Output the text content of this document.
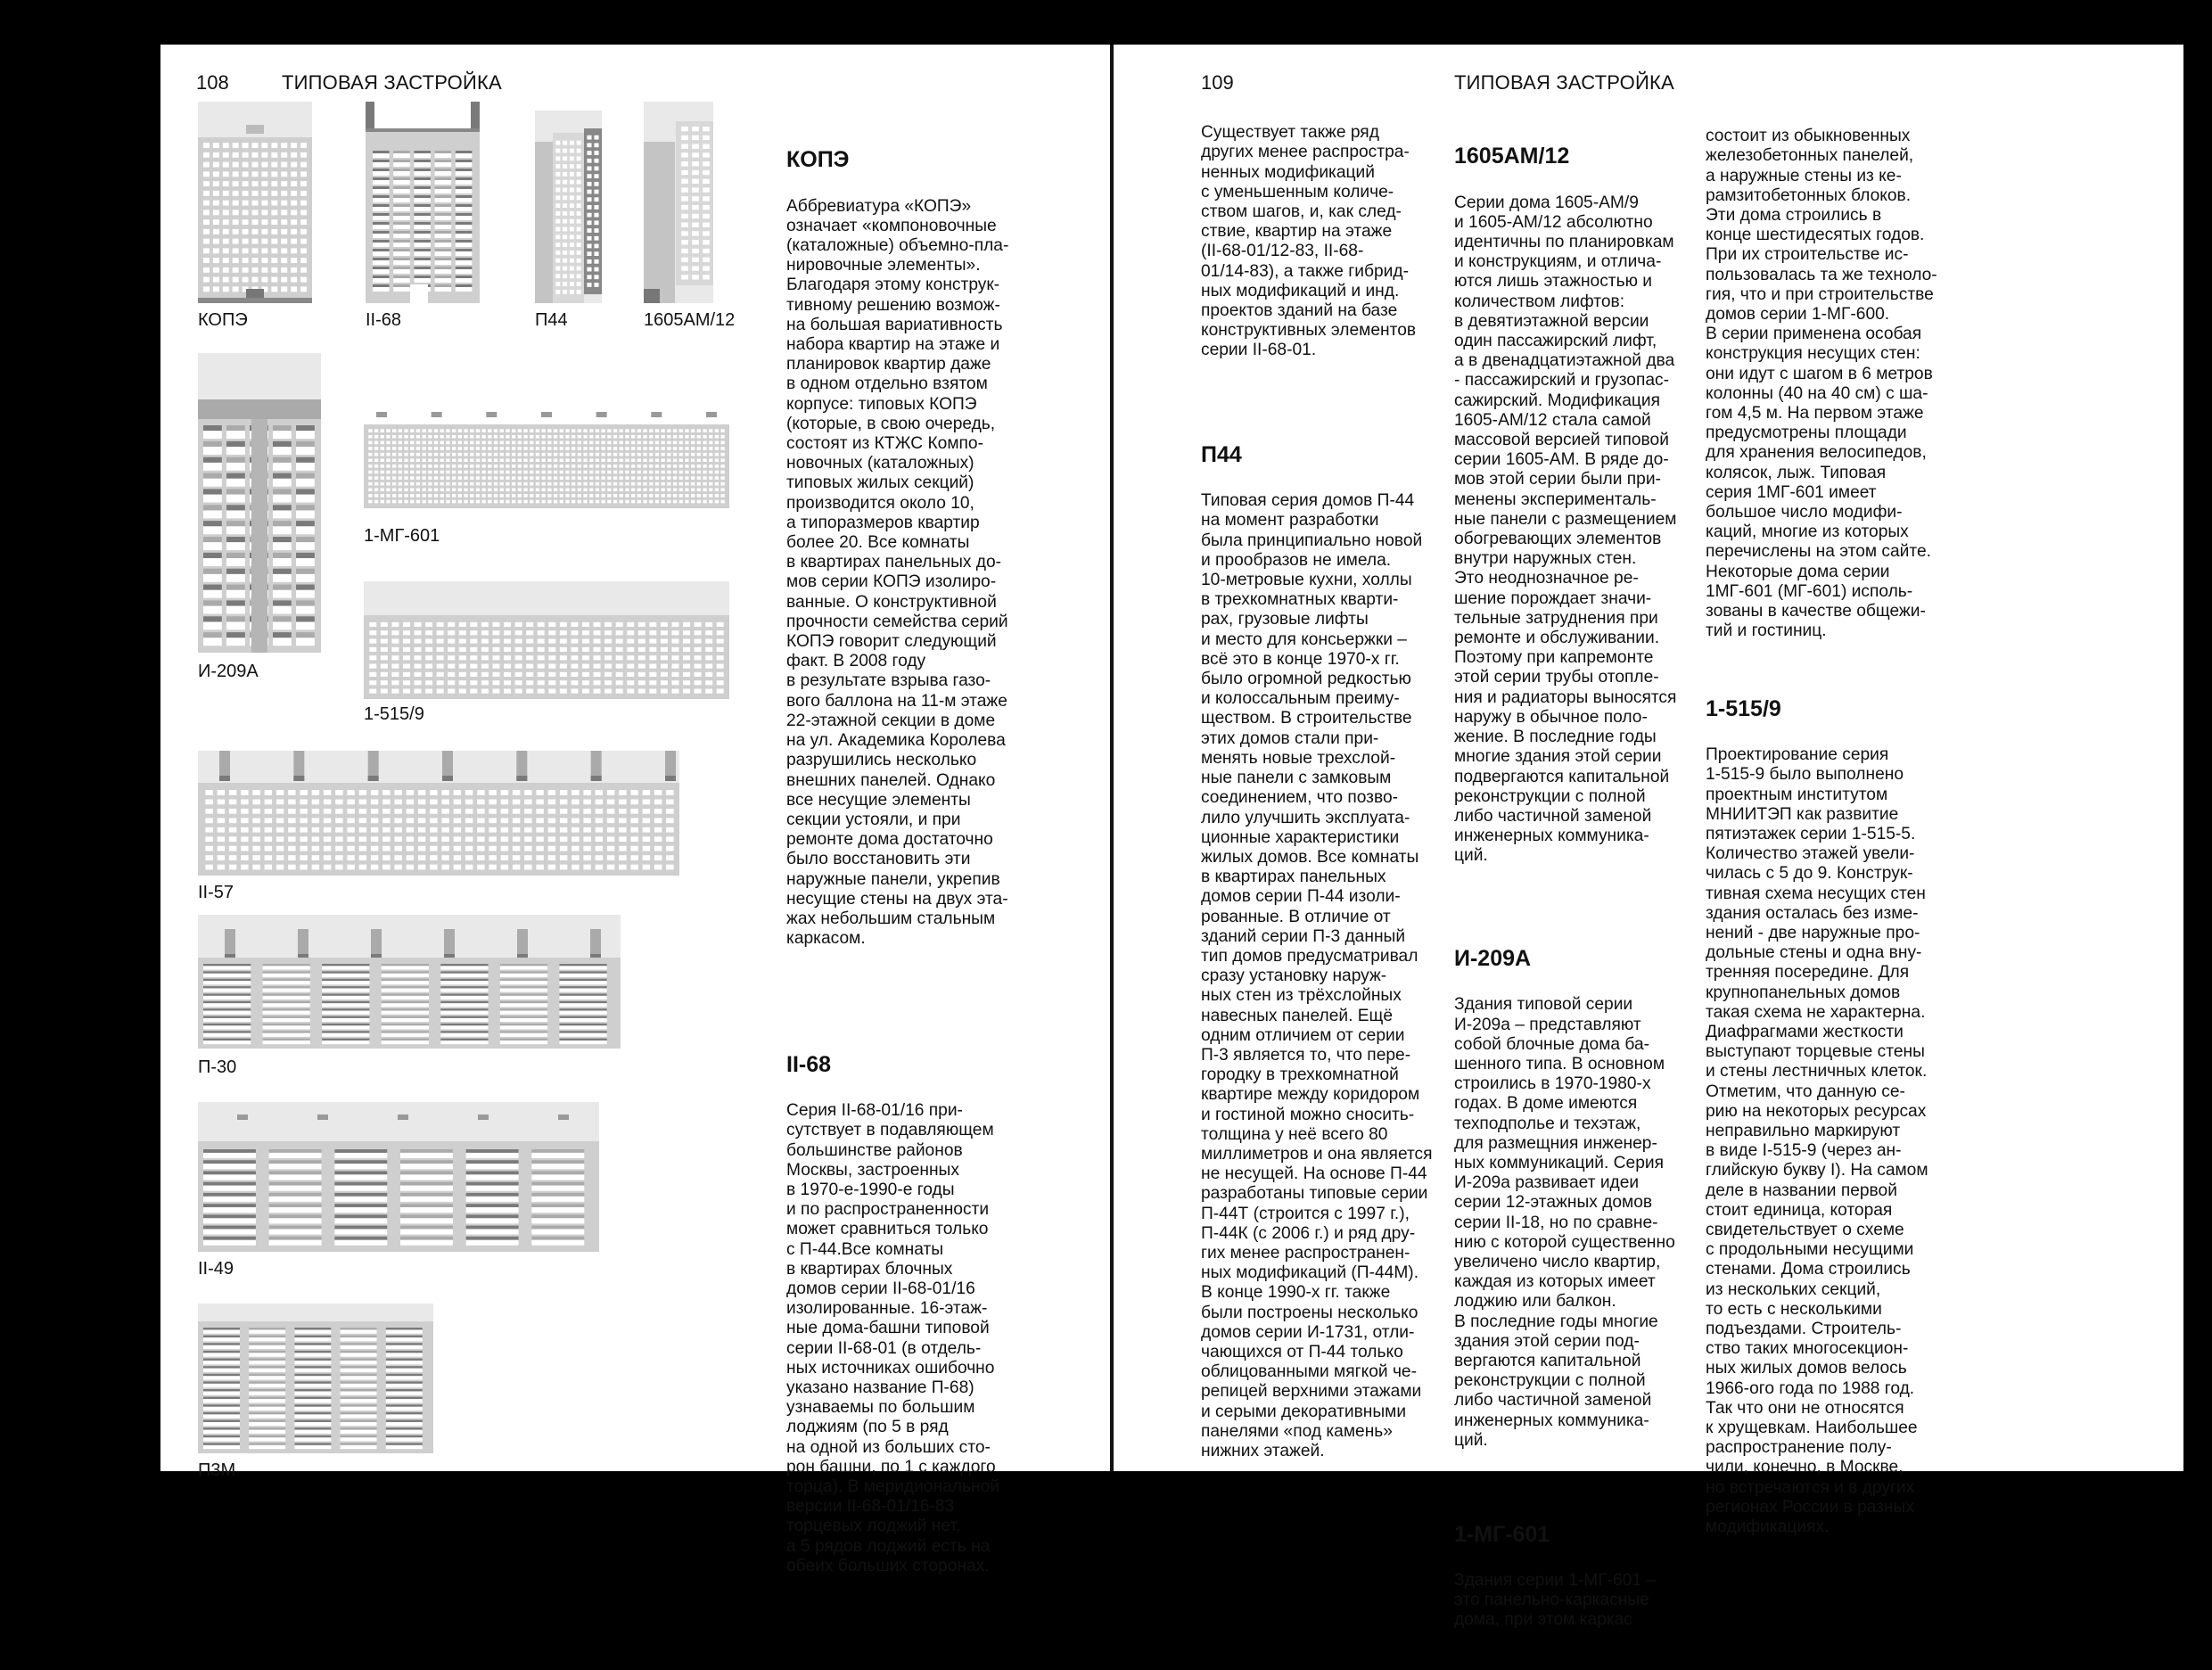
108	ТИПОВАЯ ЗАСТРОЙКА
КОПЭ	II-68	П44	1605АМ/12
И-209А
1-МГ-601
1-515/9
II-57
П-30
II-49
П3М

КОПЭ

Аббревиатура «КОПЭ»
означает «компоновочные
(каталожные) объемно-пла-
нировочные элементы».
Благодаря этому конструк-
тивному решению возмож-
на большая вариативность
набора квартир на этаже и
планировок квартир даже
в одном отдельно взятом
корпусе: типовых КОПЭ
(которые, в свою очередь,
состоят из КТЖС Компо-
новочных (каталожных)
типовых жилых секций)
производится около 10,
а типоразмеров квартир
более 20. Все комнаты
в квартирах панельных до-
мов серии КОПЭ изолиро-
ванные. О конструктивной
прочности семейства серий
КОПЭ говорит следующий
факт. В 2008 году
в результате взрыва газо-
вого баллона на 11-м этаже
22-этажной секции в доме
на ул. Академика Королева
разрушились несколько
внешних панелей. Однако
все несущие элементы
секции устояли, и при
ремонте дома достаточно
было восстановить эти
наружные панели, укрепив
несущие стены на двух эта-
жах небольшим стальным
каркасом.

II-68

Серия II-68-01/16 при-
сутствует в подавляющем
большинстве районов
Москвы, застроенных
в 1970-е-1990-е годы
и по распространенности
может сравниться только
с П-44.Все комнаты
в квартирах блочных
домов серии II-68-01/16
изолированные. 16-этаж-
ные дома-башни типовой
серии II-68-01 (в отдель-
ных источниках ошибочно
указано название П-68)
узнаваемы по большим
лоджиям (по 5 в ряд
на одной из больших сто-
рон башни, по 1 с каждого
торца). В меридиональной
версии II-68-01/16-83
торцевых лоджий нет,
а 5 рядов лоджий есть на
обеих больших сторонах.

109	ТИПОВАЯ ЗАСТРОЙКА

Существует также ряд
других менее распростра-
ненных модификаций
с уменьшенным количе-
ством шагов, и, как след-
ствие, квартир на этаже
(II-68-01/12-83, II-68-
01/14-83), а также гибрид-
ных модификаций и инд.
проектов зданий на базе
конструктивных элементов
серии II-68-01.

П44

Типовая серия домов П-44
на момент разработки
была принципиально новой
и прообразов не имела.
10-метровые кухни, холлы
в трехкомнатных кварти-
рах, грузовые лифты
и место для консьержки –
всё это в конце 1970-х гг.
было огромной редкостью
и колоссальным преиму-
ществом. В строительстве
этих домов стали при-
менять новые трехслой-
ные панели с замковым
соединением, что позво-
лило улучшить эксплуата-
ционные характеристики
жилых домов. Все комнаты
в квартирах панельных
домов серии П-44 изоли-
рованные. В отличие от
зданий серии П-3 данный
тип домов предусматривал
сразу установку наруж-
ных стен из трёхслойных
навесных панелей. Ещё
одним отличием от серии
П-3 является то, что пере-
городку в трехкомнатной
квартире между коридором
и гостиной можно сносить-
толщина у неё всего 80
миллиметров и она является
не несущей. На основе П-44
разработаны типовые серии
П-44Т (строится с 1997 г.),
П-44К (с 2006 г.) и ряд дру-
гих менее распространен-
ных модификаций (П-44М).
В конце 1990-х гг. также
были построены несколько
домов серии И-1731, отли-
чающихся от П-44 только
облицованными мягкой че-
репицей верхними этажами
и серыми декоративными
панелями «под камень»
нижних этажей.

1605АМ/12

Серии дома 1605-АМ/9
и 1605-АМ/12 абсолютно
идентичны по планировкам
и конструкциям, и отлича-
ются лишь этажностью и
количеством лифтов:
в девятиэтажной версии
один пассажирский лифт,
а в двенадцатиэтажной два
- пассажирский и грузопас-
сажирский. Модификация
1605-АМ/12 стала самой
массовой версией типовой
серии 1605-АМ. В ряде до-
мов этой серии были при-
менены эксперименталь-
ные панели с размещением
обогревающих элементов
внутри наружных стен.
Это неоднозначное ре-
шение порождает значи-
тельные затруднения при
ремонте и обслуживании.
Поэтому при капремонте
этой серии трубы отопле-
ния и радиаторы выносятся
наружу в обычное поло-
жение. В последние годы
многие здания этой серии
подвергаются капитальной
реконструкции с полной
либо частичной заменой
инженерных коммуника-
ций.

И-209А

Здания типовой серии
И-209а – представляют
собой блочные дома ба-
шенного типа. В основном
строились в 1970-1980-х
годах. В доме имеются
техподполье и техэтаж,
для размещния инженер-
ных коммуникаций. Серия
И-209а развивает идеи
серии 12-этажных домов
серии II-18, но по сравне-
нию с которой существенно
увеличено число квартир,
каждая из которых имеет
лоджию или балкон.
В последние годы многие
здания этой серии под-
вергаются капитальной
реконструкции с полной
либо частичной заменой
инженерных коммуника-
ций.

1-МГ-601

Здания серии 1-МГ-601 –
это панельно-каркасные
дома, при этом каркас

состоит из обыкновенных
железобетонных панелей,
а наружные стены из ке-
рамзитобетонных блоков.
Эти дома строились в
конце шестидесятых годов.
При их строительстве ис-
пользовалась та же техноло-
гия, что и при строительстве
домов серии 1-МГ-600.
В серии применена особая
конструкция несущих стен:
они идут с шагом в 6 метров
колонны (40 на 40 см) с ша-
гом 4,5 м. На первом этаже
предусмотрены площади
для хранения велосипедов,
колясок, лыж. Типовая
серия 1МГ-601 имеет
большое число модифи-
каций, многие из которых
перечислены на этом сайте.
Некоторые дома серии
1МГ-601 (МГ-601) исполь-
зованы в качестве общежи-
тий и гостиниц.

1-515/9

Проектирование серия
1-515-9 было выполнено
проектным институтом
МНИИТЭП как развитие
пятиэтажек серии 1-515-5.
Количество этажей увели-
чилась с 5 до 9. Конструк-
тивная схема несущих стен
здания осталась без изме-
нений - две наружные про-
дольные стены и одна вну-
тренняя посередине. Для
крупнопанельных домов
такая схема не характерна.
Диафрагмами жесткости
выступают торцевые стены
и стены лестничных клеток.
Отметим, что данную се-
рию на некоторых ресурсах
неправильно маркируют
в виде I-515-9 (через ан-
глийскую букву I). На самом
деле в названии первой
стоит единица, которая
свидетельствует о схеме
с продольными несущими
стенами. Дома строились
из нескольких секций,
то есть с несколькими
подъездами. Строитель-
ство таких многосекцион-
ных жилых домов велось
1966-ого года по 1988 год.
Так что они не относятся
к хрущевкам. Наибольшее
распространение полу-
чили, конечно, в Москве,
но встречаются и в других
регионах России в разных
модификациях.
